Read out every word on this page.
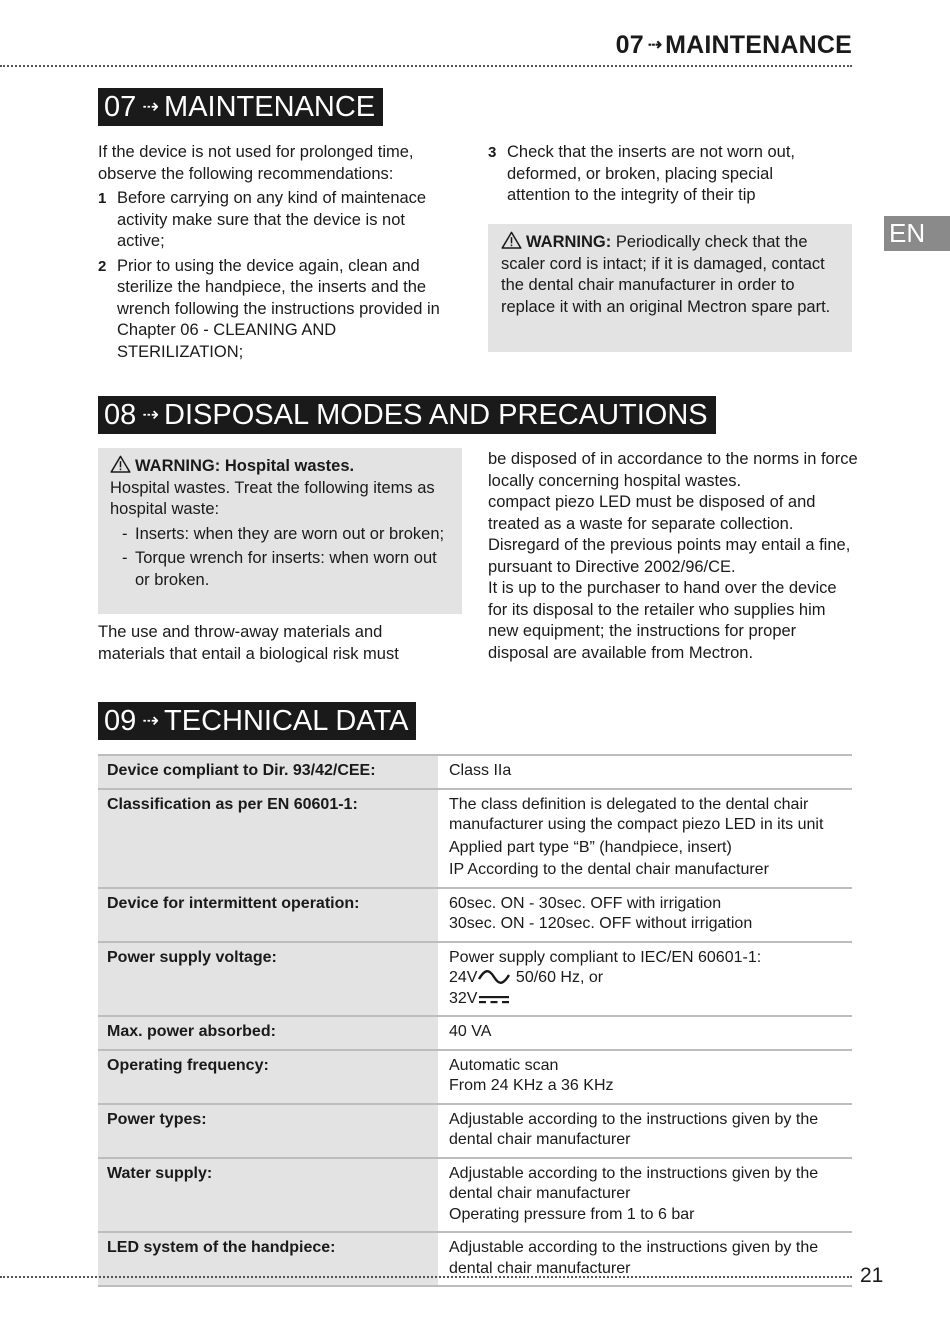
07 ⇢ MAINTENANCE
EN
07 ⇢ MAINTENANCE

If the device is not used for prolonged time, observe the following recommendations:

1 Before carrying on any kind of maintenace activity make sure that the device is not active;
2 Prior to using the device again, clean and sterilize the handpiece, the inserts and the wrench following the instructions provided in Chapter 06 - CLEANING AND STERILIZATION;
3 Check that the inserts are not worn out, deformed, or broken, placing special attention to the integrity of their tip
WARNING: Periodically check that the scaler cord is intact; if it is damaged, contact the dental chair manufacturer in order to replace it with an original Mectron spare part.
08 ⇢ DISPOSAL MODES AND PRECAUTIONS
WARNING: Hospital wastes.

Hospital wastes. Treat the following items as hospital waste:

- Inserts: when they are worn out or broken;
- Torque wrench for inserts: when worn out or broken.

The use and throw-away materials and materials that entail a biological risk must

be disposed of in accordance to the norms in force locally concerning hospital wastes.

compact piezo LED must be disposed of and treated as a waste for separate collection.

Disregard of the previous points may entail a fine, pursuant to Directive 2002/96/CE.

It is up to the purchaser to hand over the device for its disposal to the retailer who supplies him new equipment; the instructions for proper disposal are available from Mectron.

09 ⇢ TECHNICAL DATA
Device compliant to Dir. 93/42/CEE:	Class IIa

Classification as per EN 60601-1:	The class definition is delegated to the dental chair manufacturer using the compact piezo LED in its unit
Applied part type “B” (handpiece, insert)
IP According to the dental chair manufacturer

Device for intermittent operation:	60sec. ON - 30sec. OFF with irrigation
30sec. ON - 120sec. OFF without irrigation

Power supply voltage:	Power supply compliant to IEC/EN 60601-1:
24V 50/60 Hz, or
32V

Max. power absorbed:	40 VA

Operating frequency:	Automatic scan
From 24 KHz a 36 KHz

Power types:	Adjustable according to the instructions given by the dental chair manufacturer

Water supply:	Adjustable according to the instructions given by the dental chair manufacturer
Operating pressure from 1 to 6 bar

LED system of the handpiece:	Adjustable according to the instructions given by the dental chair manufacturer	21
